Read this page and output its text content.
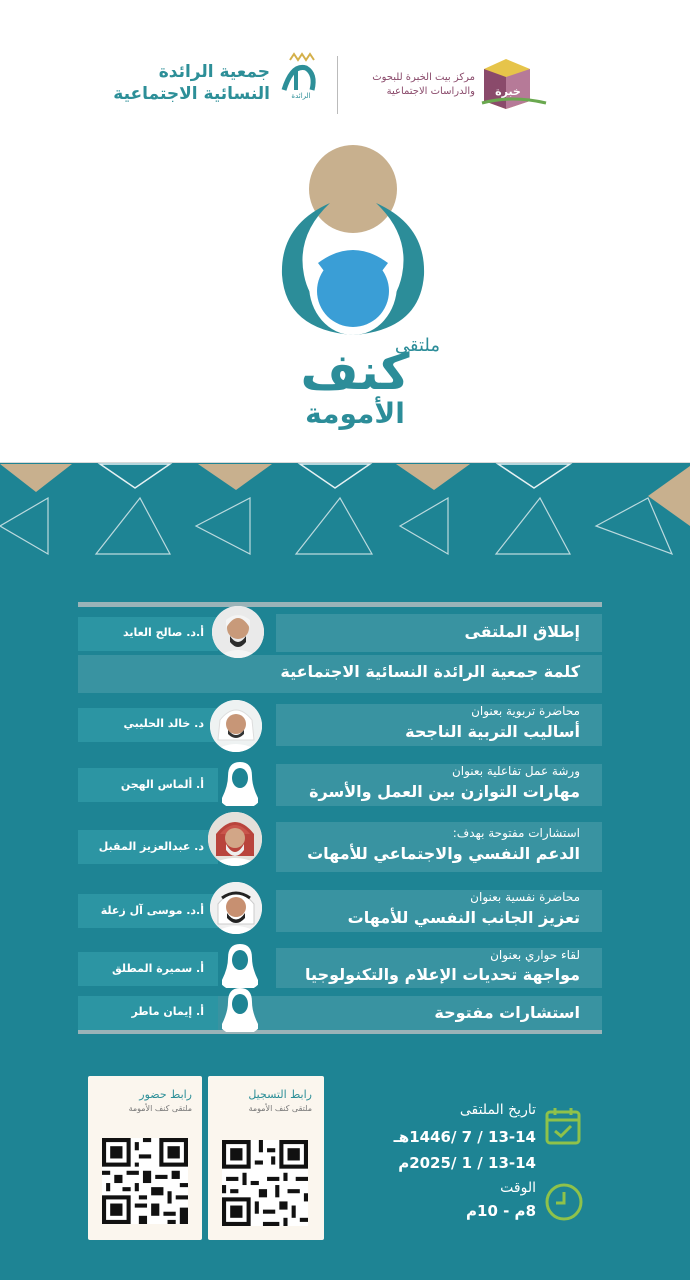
جمعية الرائدة
النسائية الاجتماعية	الرائدة
مركز بيت الخبرة للبحوث
والدراسات الاجتماعية	خبرة
ملتقى
كنف
الأمومة
إطلاق الملتقى
أ.د. صالح العايد
كلمة جمعية الرائدة النسائية الاجتماعية
محاضرة تربوية بعنوان
أساليب التربية الناجحة
د. خالد الحليبي
ورشة عمل تفاعلية بعنوان
مهارات التوازن بين العمل والأسرة
أ. ألماس الهجن
استشارات مفتوحة بهدف:
الدعم النفسي والاجتماعي للأمهات
د. عبدالعزيز المقبل
محاضرة نفسية بعنوان
تعزيز الجانب النفسي للأمهات
أ.د. موسى آل زعلة
لقاء حواري بعنوان
مواجهة تحديات الإعلام والتكنولوجيا
أ. سميرة المطلق
استشارات مفتوحة
أ. إيمان ماطر
رابط حضور
ملتقى كنف الأمومة
رابط التسجيل
ملتقى كنف الأمومة	تاريخ الملتقى
13-14 / 7 /1446هـ
13-14 / 1 /2025م
الوقت
8م - 10م
